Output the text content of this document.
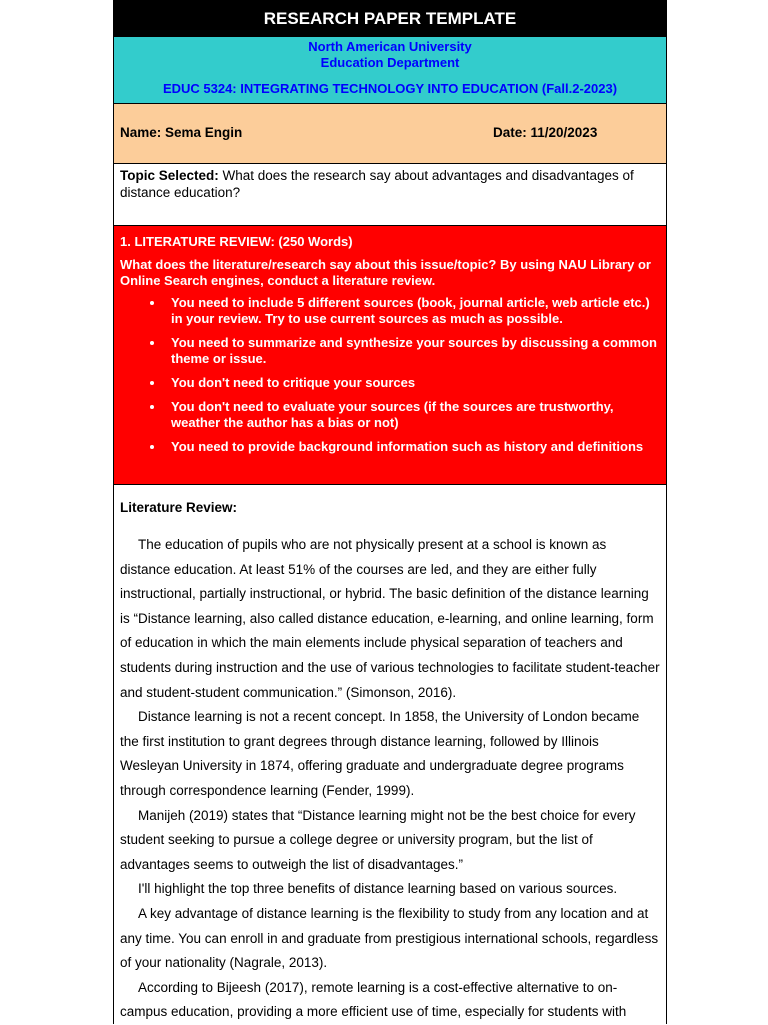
RESEARCH PAPER TEMPLATE
North American University
Education Department
EDUC 5324: INTEGRATING TECHNOLOGY INTO EDUCATION (Fall.2-2023)
Name: Sema Engin	Date: 11/20/2023
Topic Selected: What does the research say about advantages and disadvantages of distance education?
1. LITERATURE REVIEW: (250 Words)
What does the literature/research say about this issue/topic? By using NAU Library or Online Search engines, conduct a literature review.
• You need to include 5 different sources (book, journal article, web article etc.) in your review. Try to use current sources as much as possible.
• You need to summarize and synthesize your sources by discussing a common theme or issue.
• You don't need to critique your sources
• You don't need to evaluate your sources (if the sources are trustworthy, weather the author has a bias or not)
• You need to provide background information such as history and definitions
Literature Review:

The education of pupils who are not physically present at a school is known as distance education. At least 51% of the courses are led, and they are either fully instructional, partially instructional, or hybrid. The basic definition of the distance learning is “Distance learning, also called distance education, e-learning, and online learning, form of education in which the main elements include physical separation of teachers and students during instruction and the use of various technologies to facilitate student-teacher and student-student communication.” (Simonson, 2016).

Distance learning is not a recent concept. In 1858, the University of London became the first institution to grant degrees through distance learning, followed by Illinois Wesleyan University in 1874, offering graduate and undergraduate degree programs through correspondence learning (Fender, 1999).

Manijeh (2019) states that “Distance learning might not be the best choice for every student seeking to pursue a college degree or university program, but the list of advantages seems to outweigh the list of disadvantages.”

I'll highlight the top three benefits of distance learning based on various sources.

A key advantage of distance learning is the flexibility to study from any location and at any time. You can enroll in and graduate from prestigious international schools, regardless of your nationality (Nagrale, 2013).

According to Bijeesh (2017), remote learning is a cost-effective alternative to on-campus education, providing a more efficient use of time, especially for students with
